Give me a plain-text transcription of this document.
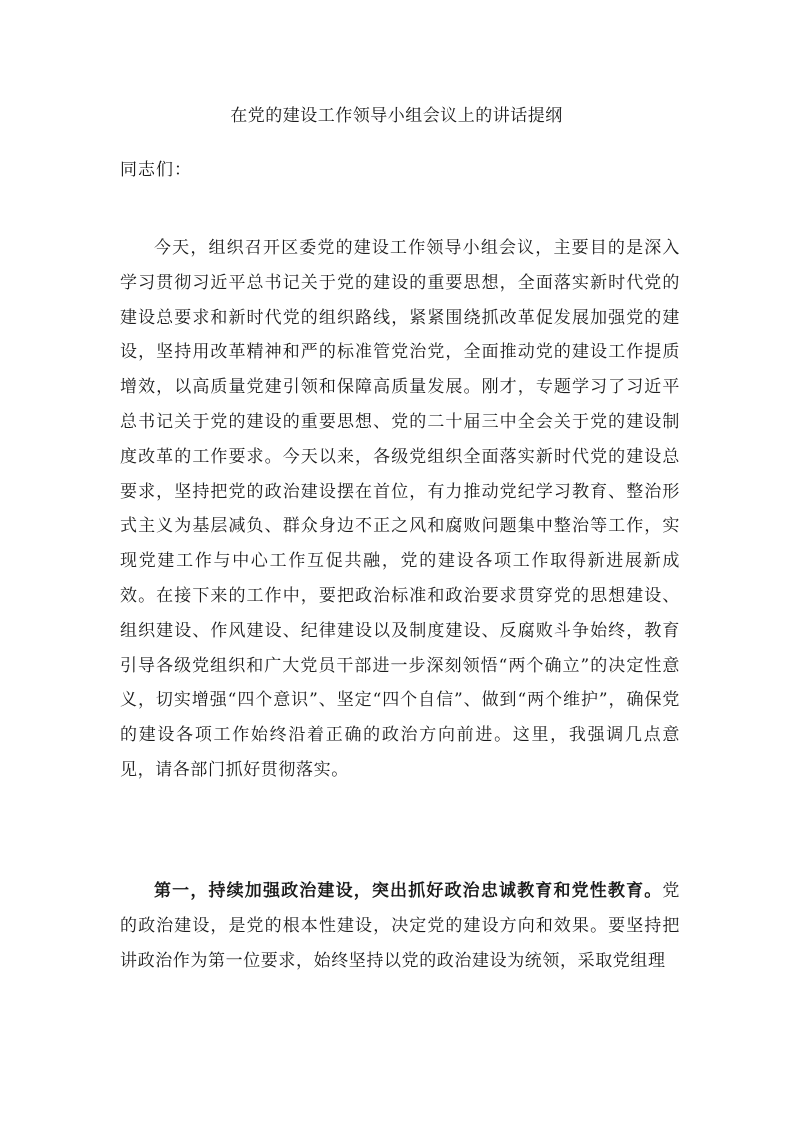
在党的建设工作领导小组会议上的讲话提纲

同志们：

今天，组织召开区委党的建设工作领导小组会议，主要目的是深入学习贯彻习近平总书记关于党的建设的重要思想，全面落实新时代党的建设总要求和新时代党的组织路线，紧紧围绕抓改革促发展加强党的建设，坚持用改革精神和严的标准管党治党，全面推动党的建设工作提质增效，以高质量党建引领和保障高质量发展。刚才，专题学习了习近平总书记关于党的建设的重要思想、党的二十届三中全会关于党的建设制度改革的工作要求。今天以来，各级党组织全面落实新时代党的建设总要求，坚持把党的政治建设摆在首位，有力推动党纪学习教育、整治形式主义为基层减负、群众身边不正之风和腐败问题集中整治等工作，实现党建工作与中心工作互促共融，党的建设各项工作取得新进展新成效。在接下来的工作中，要把政治标准和政治要求贯穿党的思想建设、组织建设、作风建设、纪律建设以及制度建设、反腐败斗争始终，教育引导各级党组织和广大党员干部进一步深刻领悟“两个确立”的决定性意义，切实增强“四个意识”、坚定“四个自信”、做到“两个维护”，确保党的建设各项工作始终沿着正确的政治方向前进。这里，我强调几点意见，请各部门抓好贯彻落实。

第一，持续加强政治建设，突出抓好政治忠诚教育和党性教育。党的政治建设，是党的根本性建设，决定党的建设方向和效果。要坚持把讲政治作为第一位要求，始终坚持以党的政治建设为统领，采取党组理
